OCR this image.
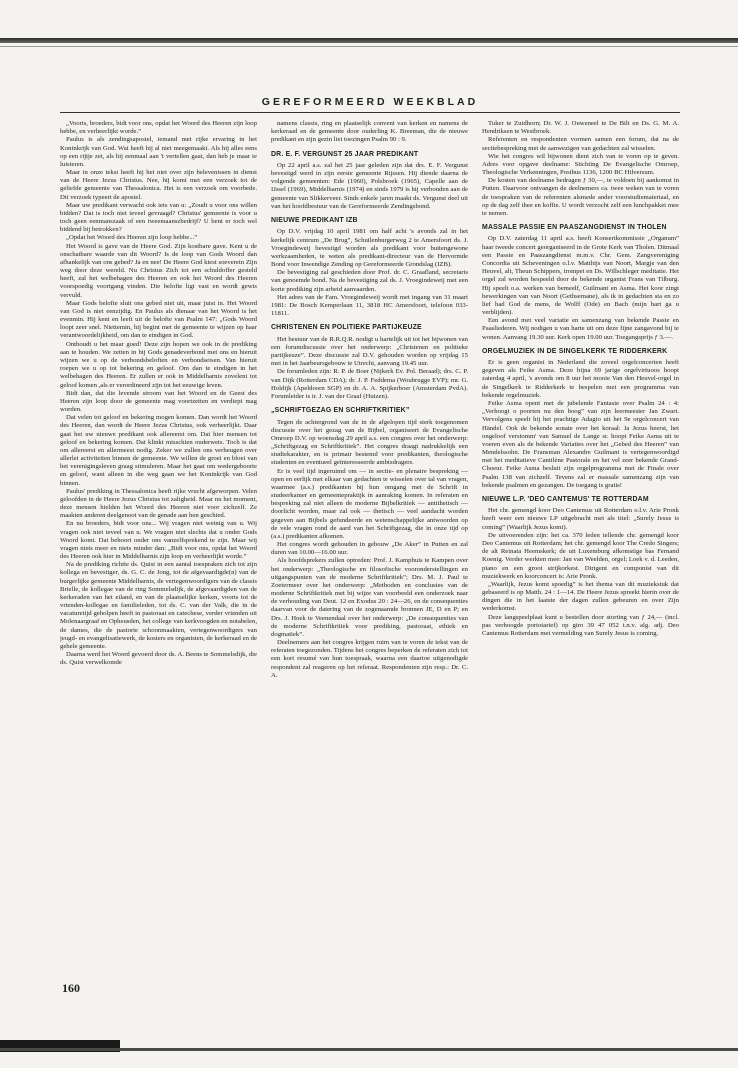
GEREFORMEERD WEEKBLAD

„Voorts, broeders, bidt voor ons, opdat het Woord des Heeren zijn loop hebbe, en verheerlijkt worde.”

Paulus is als zendingsapostel, iemand met rijke ervaring in het Koninkrijk van God. Wat heeft hij al niet meegemaakt. Als hij alles eens op een rijtje zet, als hij eenmaal aan 't vertellen gaat, dan heb je maar te luisteren.

Maar in onze tekst heeft hij het niet over zijn belevenissen in dienst van de Heere Jezus Christus. Nee, hij komt met een verzoek tot de geliefde gemeente van Thessalonica. Het is een verzoek om voorbede. Dit verzoek typeert de apostel.

Maar uw predikant verwacht ook iets van u: „Zoudt u voor ons willen bidden? Dat is toch niet teveel gevraagd? Christus' gemeente is voor u toch geen eenmanszaak of een tweemaanszbedrijf? U bent er toch wel biddend bij betrokken?

„Opdat het Woord des Heeren zijn loop hebbe...”

Het Woord is gave van de Heere God. Zijn kostbare gave. Kent u de onschatbare waarde van dit Woord? Is de loop van Gods Woord dan afhankelijk van ons gebed? Ja en nee! De Heere God kiest soeverein Zijn weg door deze wereld. Nu Christus Zich tot een schuldoffer gesteld heeft, zal het welbehagen des Heeren en ook het Woord des Heeren voorspoedig voortgang vinden. Die belofte ligt vast en wordt gewis vervuld.

Maar Gods belofte sluit ons gebed niet uit, maar juist in. Het Woord van God is niet eenzijdig. En Paulus als dienaar van het Woord is het evenmin. Hij kent en leeft uit de belofte van Psalm 147: „Gods Woord loopt zeer snel. Niettemin, hij begint met de gemeente te wijzen op haar verantwoordelijkheid, om dan te eindigen in God.

Onthoudt u het maar goed! Deze zijn hopen we ook in de prediking aan te houden. We zetten in bij Gods genadeverbond met ons en hieruit wijzen we u op de verbondsbeloften en verbondseisen. Van hieruit roepen we u op tot bekering en geloof. Om dan te eindigen in het welbehagen des Heeren. Er zullen er ook in Middelharnis zoveleni tot geloof komen ,als er verordineerd zijn tot het eeuwige leven.

Bidt dan, dat die levende stroom van het Woord en de Geest des Heeren zijn loop door de gemeente mag voortzetten en verdiept mag worden.

Dat velen tot geloof en bekering mogen komen. Dan wordt het Woord des Heeren, dan wordt de Heere Jezus Christus, ook verheerlijkt. Daar gaat het uw nieuwe predikant ook allereerst om. Dat hier mensen tot geloof en bekering komen. Dat klinkt misschien ouderwets. Toch is dat om allereerst en allermeest nodig. Zeker we zullen ons verheugen over allerlei activiteiten binnen de gemeente. We willen de groei en bloei van het verenigingsleven graag stimuleren. Maar het gaat om wedergeboorte en geloof, want alleen in die weg gaan we het Koninkrijk van God binnen.

Paulus' prediking in Thessalonica heeft rijke vrucht afgeworpen. Velen geloofden in de Heere Jezus Christus tot zaligheid. Maar nu het moment, deze mensen hielden het Woord des Heeren niet voor zichzelf. Ze maakten anderen deelgenoot van de genade aan hen geschied.

En nu broeders, bidt voor ons... Wij vragen niet weinig van u. Wij vragen ook niet teveel van u. We vragen niet slechts dat u onder Gods Woord komt. Dat behoort onder ons vanzelfsprekend te zijn. Maar wij vragen niets meer en niets minder dan: „Bidt voor ons, opdat het Woord des Heeren ook hier in Middelharnis zijn loop en verheerlijkt worde.”

Na de prediking richtte ds. Quist in een aantal toespraken zich tot zijn kollega en bevestiger, ds. G. C. de Jong, tot de afgevaardigde(n) van de burgerlijke gemeente Middelharnis, de vertegenwoordigers van de classis Brielle, de kollegae van de ring Sommelsdijk, de afgevaardigden van de kerkeraden van het eiland, en van de plaatselijke kerken, voorts tot de vrienden-kollegae en familieleden, tot ds. C. van der Valk, die in de vacaturetijd geholpen heeft in pastoraat en catechese, verder vrienden uit Molenaargraaf en Opheusden, het college van kerkvoogden en notabelen, de dames, die de pastorie schoonmaakten, vertegenwoordigers van jeugd- en evangelisatiewerk, de kosters en organisten, de kerkeraad en de gehele gemeente.

Daarna werd het Woord gevoerd door ds. A. Beens te Sommelsdijk, die ds. Quist verwelkomde

namens classis, ring en plaatselijk convent van kerken en namens de kerkeraad en de gemeente door ouderling K. Breeman, die de nieuwe predikant en zijn gezin liet toezingen Psalm 90 : 9.

DR. E. F. VERGUNST 25 JAAR PREDIKANT

Op 22 april a.s. zal het 25 jaar geleden zijn dat drs. E. F. Vergunst bevestigd werd in zijn eerste gemeente Rijssen. Hij diende daarna de volgende gemeenten: Ede (1960), Polsbroek (1965), Capelle aan de IJssel (1969), Middelharnis (1974) en sinds 1979 is hij verbonden aan de gemeente van Slikkerveer. Sinds enkele jaren maakt ds. Vergunst deel uit van het hoofdbestuur van de Gereformeerde Zendingsbond.

NIEUWE PREDIKANT IZB

Op D.V. vrijdag 10 april 1981 om half acht 's avonds zal in het kerkelijk centrum „De Brug”, Schuilenburgerweg 2 te Amersfoort ds. J. Vroegindeweij bevestigd worden als predikant voor buitengewone werkzaamheden, te weten als predikant-directeur van de Hervormde Bond voor Inwendige Zending op Gereformeerde Grondslag (IZB).

De bevestiging zal geschieden door Prof. dr. C. Graafland, secretaris van genoemde bond. Na de bevestiging zal ds. J. Vroegindeweij met een korte prediking zijn arbeid aanvaarden.

Het adres van de Fam. Vroegindeweij wordt met ingang van 31 maart 1981: De Bosch Kemperlaan 11, 3818 HC Amersfoort, telefoon 033-11811.

CHRISTENEN EN POLITIEKE PARTIJKEUZE

Het bestuur van de R.R.Q.R. nodigt u hartelijk uit tot het bijwonen van een forumdiscussie over het onderwerp: „Christenen en politieke partijkeuze”. Deze discussie zal D.V. gehouden worden op vrijdag 15 mei in het Jaarbeursgebouw te Utrecht, aanvang 19.45 uur.

De forumleden zijn: R. P. de Boer (Nijkerk Ev. Pol. Beraad); drs. C. P. van Dijk (Rotterdam CDA); dr. J. P. Feddema (Woubrugge EVP); mr. G. Holdijk (Apeldoorn SGP) en dr. A. A. Spijkerboer (Amsterdam PvdA). Forumleider is ir. J. van der Graaf (Huizen).

„SCHRIFTGEZAG EN SCHRIFTKRITIEK”

Tegen de achtergrond van de in de afgelopen tijd sterk toegenomen discussie over het gezag van de Bijbel, organiseert de Evangelische Omroep D.V. op woensdag 29 april a.s. een congres over het onderwerp: „Schriftgezag en Schriftkritiek”. Het congres draagt nadrukkelijk een studiekarakter, en is primair bestemd voor predikanten, theologische studenten en eventueel geïnteresseerde ambtsdragers.

Er is veel tijd ingeruimd om — in sectie- en plenaire bespreking — open en eerlijk met elkaar van gedachten te wisselen over tal van vragen, waarmee (a.s.) predikanten bij hun omgang met de Schrift in studeerkamer en gemeentepraktijk in aanraking komen. In referaten en bespreking zal niet alleen de moderne Bijbelkritiek — antithetisch — doorlicht worden, maar zal ook — thetisch — veel aandacht worden gegeven aan Bijbels gefundeerde en wetenschappelijke antwoorden op de vele vragen rond de aard van het Schriftgezag, die in onze tijd op (a.s.) predikanten afkomen.

Het congres wordt gehouden in gebouw „De Aker” in Putten en zal duren van 10.00—16.00 uur.

Als hoofdsprekers zullen optreden: Prof. J. Kamphuis te Kampen over het onderwerp: „Theologische en filosofische vooronderstellingen en uitgangspunten van de moderne Schriftkritiek”; Drs. M. J. Paul te Zoetermeer over het onderwerp: „Methoden en conclusies van de moderne Schriftkritiek met bij wijze van voorbeeld een onderzoek naar de verhouding van Deut. 12 en Exodus 20 : 24—26, en de consequenties daarvan voor de datering van de zogenaamde bronnen JE, D en P; en Drs. J. Hoek te Veenendaal over het onderwerp: „De consequenties van de moderne Schriftkritiek voor prediking, pastoraat, ethiek en dogmatiek”.

Deelnemers aan het congres krijgen ruim van te voren de tekst van de referaten toegezonden. Tijdens het congres beperken de referaten zich tot een kort resumé van hun toespraak, waarna een daartoe uitgenodigde respondent zal reageren op het referaat. Respondenten zijn resp.: Dr. C. A.

Tuker te Zuidhorn; Dr. W. J. Ouweneel te De Bilt en Ds. G. M. A. Hendriksen te Westbroek.

Referenten en respondenten vormen samen een forum, dat na de sectiebespreking met de aanwezigen van gedachten zal wisselen.

Wie het congres wil bijwonen dient zich van te voren op te geven. Adres voor opgave deelname: Stichting De Evangelische Omroep, Theologische Verkenningen, Postbus 1136, 1200 BC Hilversum.

De kosten van deelname bedragen ƒ 30,—, te voldoen bij aankomst in Putten. Daarvoor ontvangen de deelnemers ca. twee weken van te voren de toespraken van de referenten alsmede ander voorstudiemateriaal, en op de dag zelf thee en koffie. U wordt verzocht zelf een lunchpakket mee te nemen.

MASSALE PASSIE EN PAASZANGDIENST IN THOLEN

Op D.V. zaterdag 11 april a.s. heeft Konsertkommissie „Organum” haar tweede concert georganiseerd in de Grote Kerk van Tholen. Ditmaal een Passie en Paaszangdienst m.m.v. Chr. Gem. Zangvereniging Concordia uit Scheveningen o.l.v. Matthijs van Noort, Margje van den Heuvel, alt, Theun Schippers, trompet en Ds. Willschleger meditatie. Het orgel zal worden bespeeld door de bekende organist Frans van Tilburg. Hij speelt o.a. werken van bemeelf, Guilmant en Asma. Het koor zingt bewerkingen van van Noort (Gethsemane), als ik in gedachten sta en zo lief had God de mens, de Wolff (Ode) en Bach (mijn hart ga u verblijden).

Een avond met veel variatie en samenzang van bekende Passie en Paasliederen. Wij nodigen u van harte uit om deze fijne zangavond bij te wonen. Aanvang 19.30 uur. Kerk open 19.00 uur. Toegangsprijs ƒ 3.—.

ORGELMUZIEK IN DE SINGELKERK TE RIDDERKERK

Er is geen organist in Nederland die zoveel orgelconcerten heeft gegeven als Feike Asma. Deze bijna 69 jarige orgelvirtuoos hoopt zaterdag 4 april, 's avonds om 8 uur het mooie Van den Heuvel-orgel in de Singelkerk te Ridderkerk te bespelen met een programma van bekende orgelmuziek.

Feike Asma opent met de jubelende Fantasie over Psalm 24 : 4: „Verhoogt o poorten nu den boog” van zijn leermeester Jan Zwart. Vervolgens speelt hij het prachtige Adagio uit het 9e orgelconcert van Händel. Ook de bekende sonate over het koraal: Ja Jezus heerst, het ongeloof verstomm' van Samuel de Lange sr. hoopt Feike Asma uit te voeren even als de bekende Variaties over het „Gebed des Heeren” van Mendelssohn. De Fransman Alexandre Guilmant is vertegenwoordigd met het meditatieve Cantilène Pastorale en het vel zeer bekende Grand-Choeur. Feike Asma besluit zijn orgelprogramma met de Finale over Psalm 138 van zichzelf. Tevens zal er massale samenzang zijn van bekende psalmen en gezangen. De toegang is gratis!

NIEUWE L.P. 'DEO CANTEMUS' TE ROTTERDAM

Het chr. gemengd koor Deo Cantemus uit Rotterdam o.l.v. Arie Pronk heeft weer een nieuwe LP uitgebracht met als titel: „Surely Jesus is coming” (Waarlijk Jezus komt).

De uitvoerenden zijn: het ca. 370 leden tellende chr. gemengd koor Deo Cantemus uit Rotterdam; het chr. gemengd koor The Credo Singers; de alt Reinata Heemskerk; de uit Luxemburg afkomstige bas Fernand Koenig. Verder werkten mee: Jan van Weelden, orgel; Loek v. d. Leeden, piano en een groot strijkorkest. Dirigent en componist van dit muziekwerk en koorconcert is: Arie Pronk.

„Waarlijk, Jezus komt spoedig” is het thema van dit muziekstuk dat gebaseerd is op Matth. 24 : 1—14. De Heere Jezus spreekt hierin over de dingen die in het laatste der dagen zullen gebeuren en over Zijn wederkomst.

Deze langspeelplaat kunt u bestellen door storting van ƒ 24,— (incl. pas verhoogde portotarief) op giro 39 47 052 t.n.v. alg. adj. Deo Cantemus Rotterdam met vermelding van Surely Jesus is coming.

160
